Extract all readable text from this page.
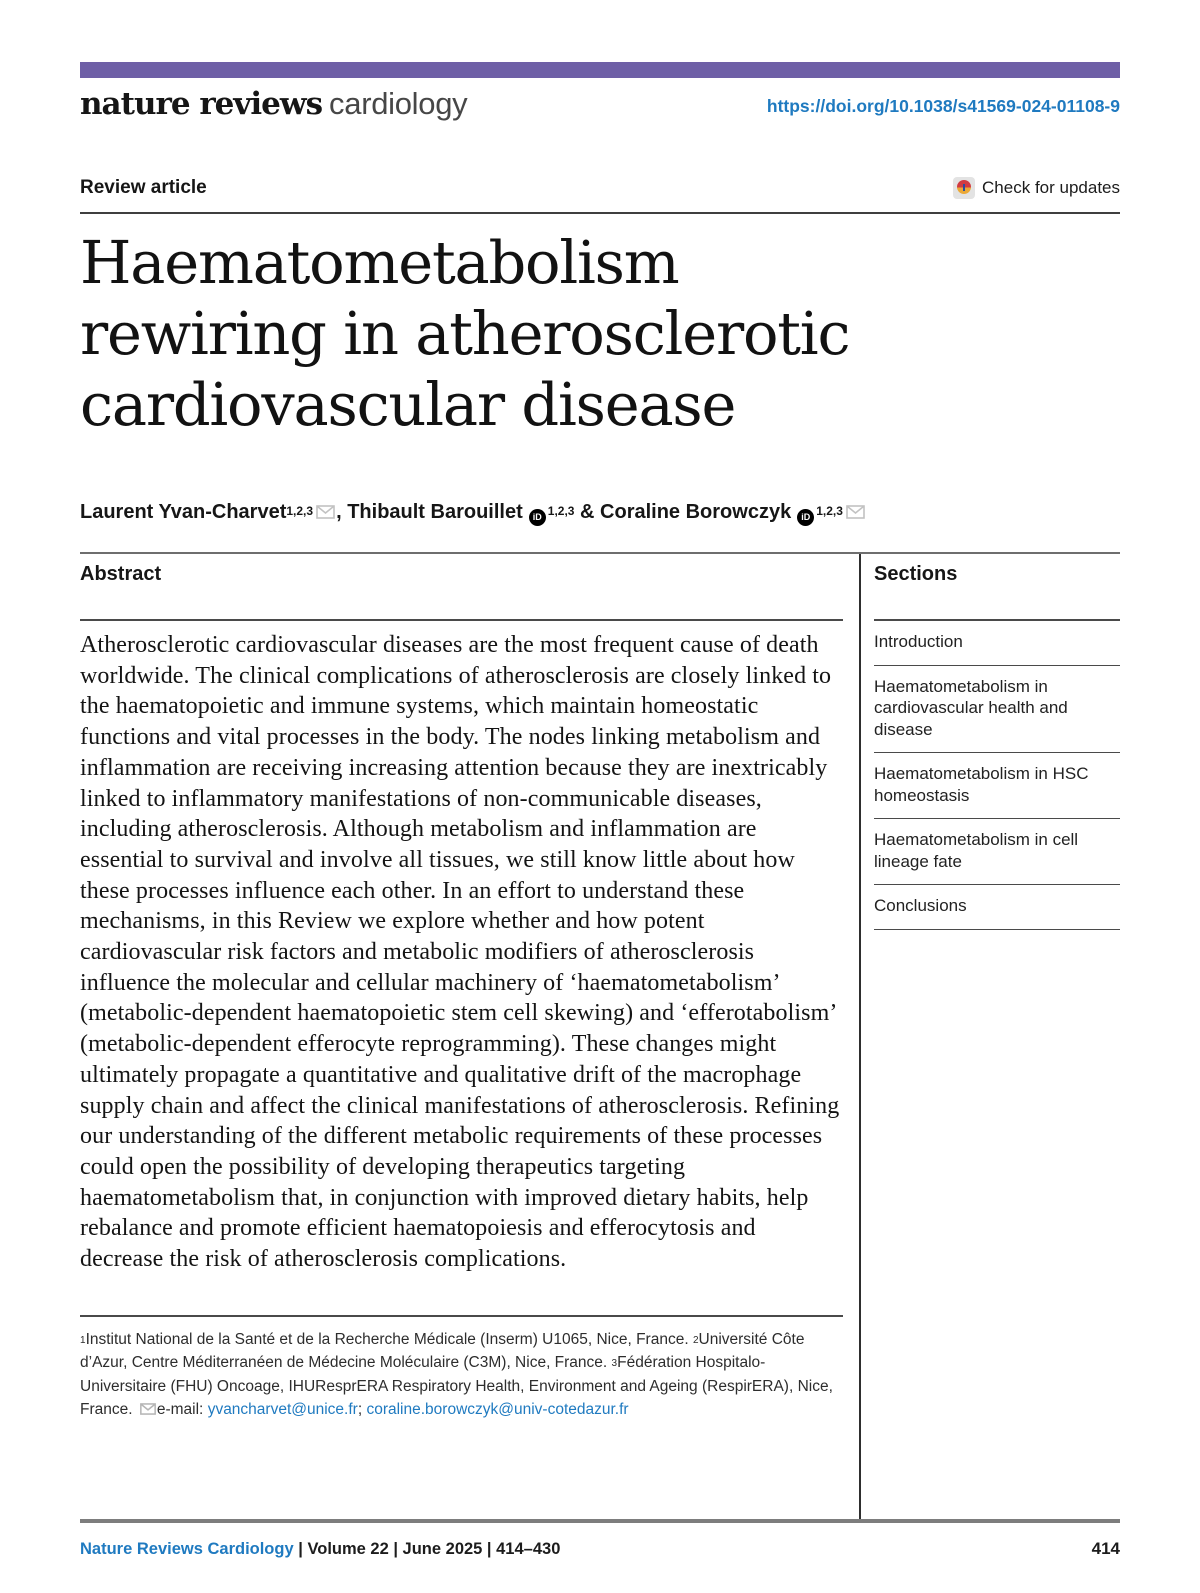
nature reviews cardiology	https://doi.org/10.1038/s41569-024-01108-9
Review article	Check for updates
Haematometabolism
rewiring in atherosclerotic
cardiovascular disease
Laurent Yvan-Charvet$^{1,2,3}$ , Thibault Barouillet iD $^{1,2,3}$ & Coraline Borowczyk iD $^{1,2,3}$
Abstract

Atherosclerotic cardiovascular diseases are the most frequent cause of death worldwide. The clinical complications of atherosclerosis are closely linked to the haematopoietic and immune systems, which maintain homeostatic functions and vital processes in the body. The nodes linking metabolism and inflammation are receiving increasing attention because they are inextricably linked to inflammatory manifestations of non-communicable diseases, including atherosclerosis. Although metabolism and inflammation are essential to survival and involve all tissues, we still know little about how these processes influence each other. In an effort to understand these mechanisms, in this Review we explore whether and how potent cardiovascular risk factors and metabolic modifiers of atherosclerosis influence the molecular and cellular machinery of ‘haematometabolism’ (metabolic-dependent haematopoietic stem cell skewing) and ‘efferotabolism’ (metabolic-dependent efferocyte reprogramming). These changes might ultimately propagate a quantitative and qualitative drift of the macrophage supply chain and affect the clinical manifestations of atherosclerosis. Refining our understanding of the different metabolic requirements of these processes could open the possibility of developing therapeutics targeting haematometabolism that, in conjunction with improved dietary habits, help rebalance and promote efficient haematopoiesis and efferocytosis and decrease the risk of atherosclerosis complications.

$^1$Institut National de la Santé et de la Recherche Médicale (Inserm) U1065, Nice, France. $^2$Université Côte d’Azur, Centre Méditerranéen de Médecine Moléculaire (C3M), Nice, France. $^3$Fédération Hospitalo-Universitaire (FHU) Oncoage, IHUResprERA Respiratory Health, Environment and Ageing (RespirERA), Nice, France. e-mail: yvancharvet@unice.fr; coraline.borowczyk@univ-cotedazur.fr

Sections
Introduction
Haematometabolism in cardiovascular health and disease
Haematometabolism in HSC homeostasis
Haematometabolism in cell lineage fate
Conclusions
Nature Reviews Cardiology | Volume 22 | June 2025 | 414–430	414
